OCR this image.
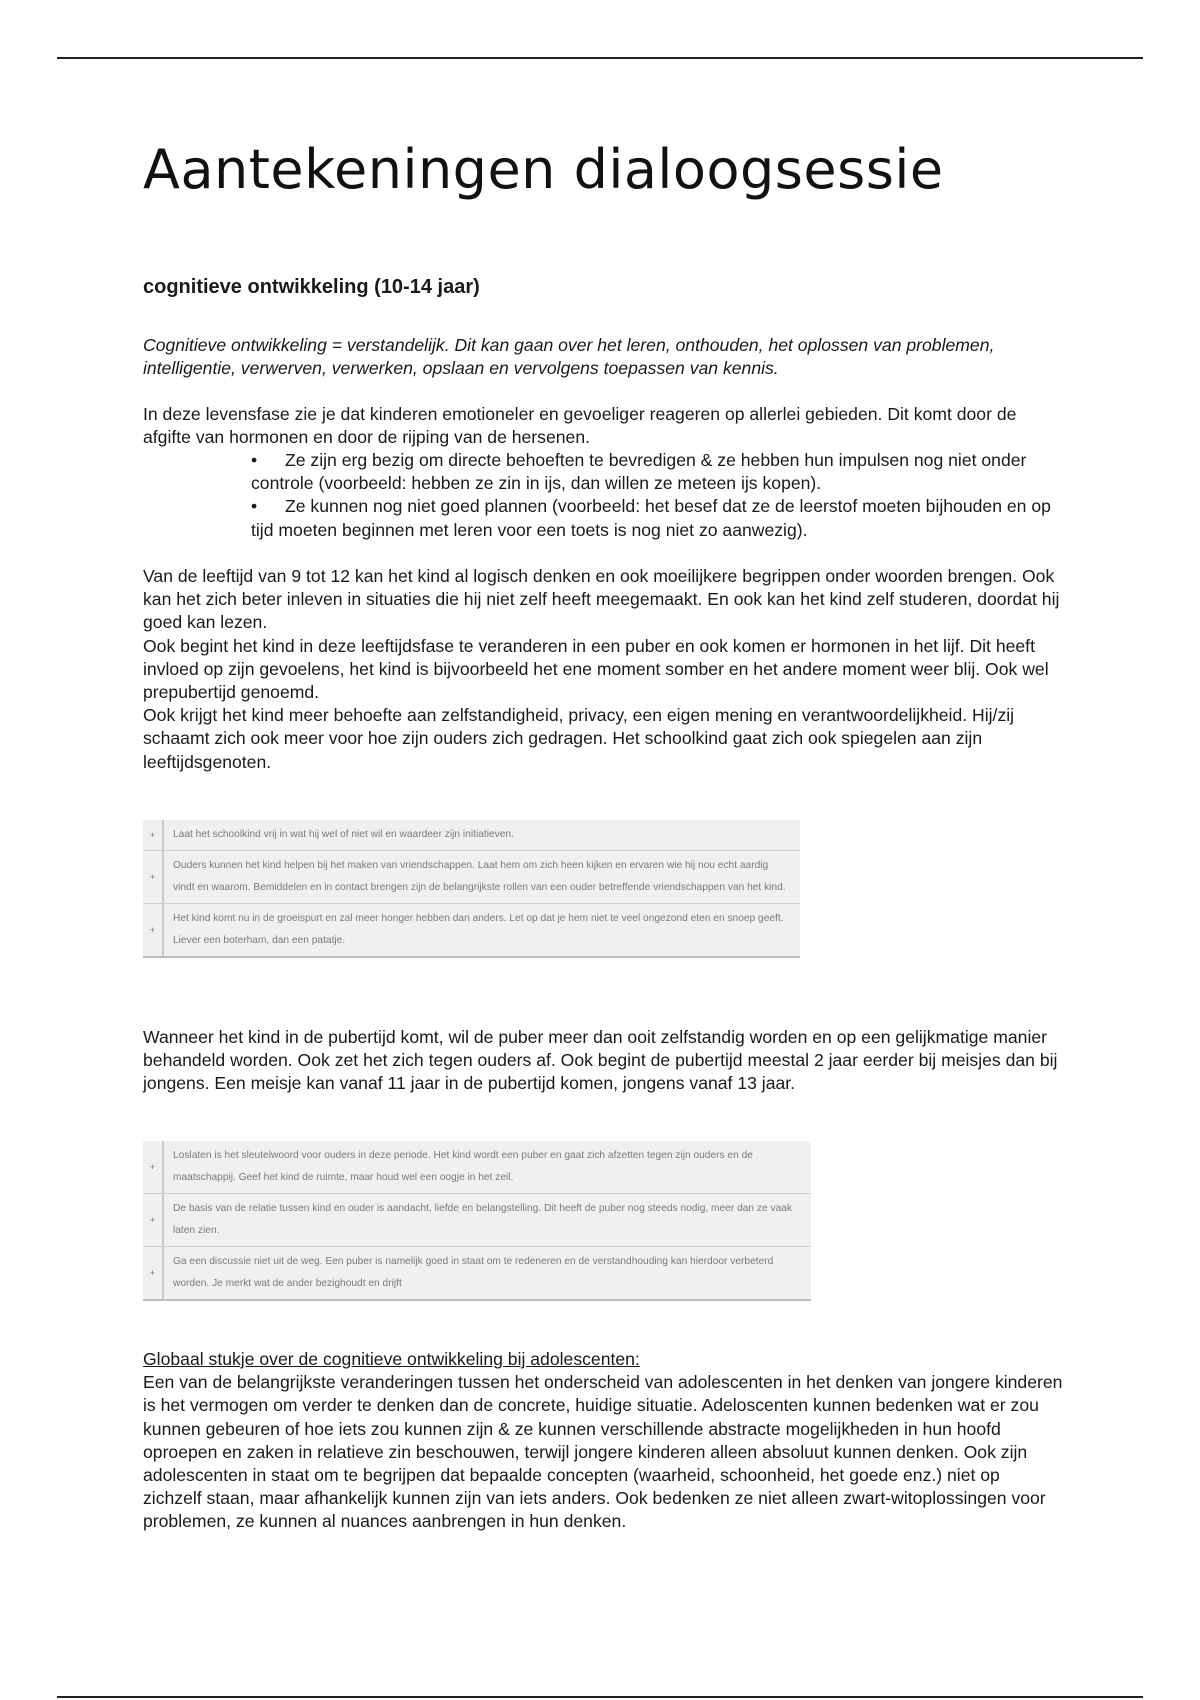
Aantekeningen dialoogsessie
cognitieve ontwikkeling (10-14 jaar)

Cognitieve ontwikkeling = verstandelijk. Dit kan gaan over het leren, onthouden, het oplossen van problemen, intelligentie, verwerven, verwerken, opslaan en vervolgens toepassen van kennis.

In deze levensfase zie je dat kinderen emotioneler en gevoeliger reageren op allerlei gebieden. Dit komt door de afgifte van hormonen en door de rijping van de hersenen.

• Ze zijn erg bezig om directe behoeften te bevredigen & ze hebben hun impulsen nog niet onder controle (voorbeeld: hebben ze zin in ijs, dan willen ze meteen ijs kopen).
• Ze kunnen nog niet goed plannen (voorbeeld: het besef dat ze de leerstof moeten bijhouden en op tijd moeten beginnen met leren voor een toets is nog niet zo aanwezig).

Van de leeftijd van 9 tot 12 kan het kind al logisch denken en ook moeilijkere begrippen onder woorden brengen. Ook kan het zich beter inleven in situaties die hij niet zelf heeft meegemaakt. En ook kan het kind zelf studeren, doordat hij goed kan lezen.

Ook begint het kind in deze leeftijdsfase te veranderen in een puber en ook komen er hormonen in het lijf. Dit heeft invloed op zijn gevoelens, het kind is bijvoorbeeld het ene moment somber en het andere moment weer blij. Ook wel prepubertijd genoemd.

Ook krijgt het kind meer behoefte aan zelfstandigheid, privacy, een eigen mening en verantwoordelijkheid. Hij/zij schaamt zich ook meer voor hoe zijn ouders zich gedragen. Het schoolkind gaat zich ook spiegelen aan zijn leeftijdsgenoten.

+	Laat het schoolkind vrij in wat hij wel of niet wil en waardeer zijn initiatieven.
+
Ouders kunnen het kind helpen bij het maken van vriendschappen. Laat hem om zich heen kijken en ervaren wie hij nou echt aardig vindt en waarom. Bemiddelen en in contact brengen zijn de belangrijkste rollen van een ouder betreffende vriendschappen van het kind.
+
Het kind komt nu in de groeispurt en zal meer honger hebben dan anders. Let op dat je hem niet te veel ongezond eten en snoep geeft. Liever een boterham, dan een patatje.

Wanneer het kind in de pubertijd komt, wil de puber meer dan ooit zelfstandig worden en op een gelijkmatige manier behandeld worden. Ook zet het zich tegen ouders af. Ook begint de pubertijd meestal 2 jaar eerder bij meisjes dan bij jongens. Een meisje kan vanaf 11 jaar in de pubertijd komen, jongens vanaf 13 jaar.

+
Loslaten is het sleutelwoord voor ouders in deze periode. Het kind wordt een puber en gaat zich afzetten tegen zijn ouders en de maatschappij. Geef het kind de ruimte, maar houd wel een oogje in het zeil.
+
De basis van de relatie tussen kind en ouder is aandacht, liefde en belangstelling. Dit heeft de puber nog steeds nodig, meer dan ze vaak laten zien.
+
Ga een discussie niet uit de weg. Een puber is namelijk goed in staat om te redeneren en de verstandhouding kan hierdoor verbeterd worden. Je merkt wat de ander bezighoudt en drijft

Globaal stukje over de cognitieve ontwikkeling bij adolescenten:

Een van de belangrijkste veranderingen tussen het onderscheid van adolescenten in het denken van jongere kinderen is het vermogen om verder te denken dan de concrete, huidige situatie. Adeloscenten kunnen bedenken wat er zou kunnen gebeuren of hoe iets zou kunnen zijn & ze kunnen verschillende abstracte mogelijkheden in hun hoofd oproepen en zaken in relatieve zin beschouwen, terwijl jongere kinderen alleen absoluut kunnen denken. Ook zijn adolescenten in staat om te begrijpen dat bepaalde concepten (waarheid, schoonheid, het goede enz.) niet op zichzelf staan, maar afhankelijk kunnen zijn van iets anders. Ook bedenken ze niet alleen zwart-witoplossingen voor problemen, ze kunnen al nuances aanbrengen in hun denken.
